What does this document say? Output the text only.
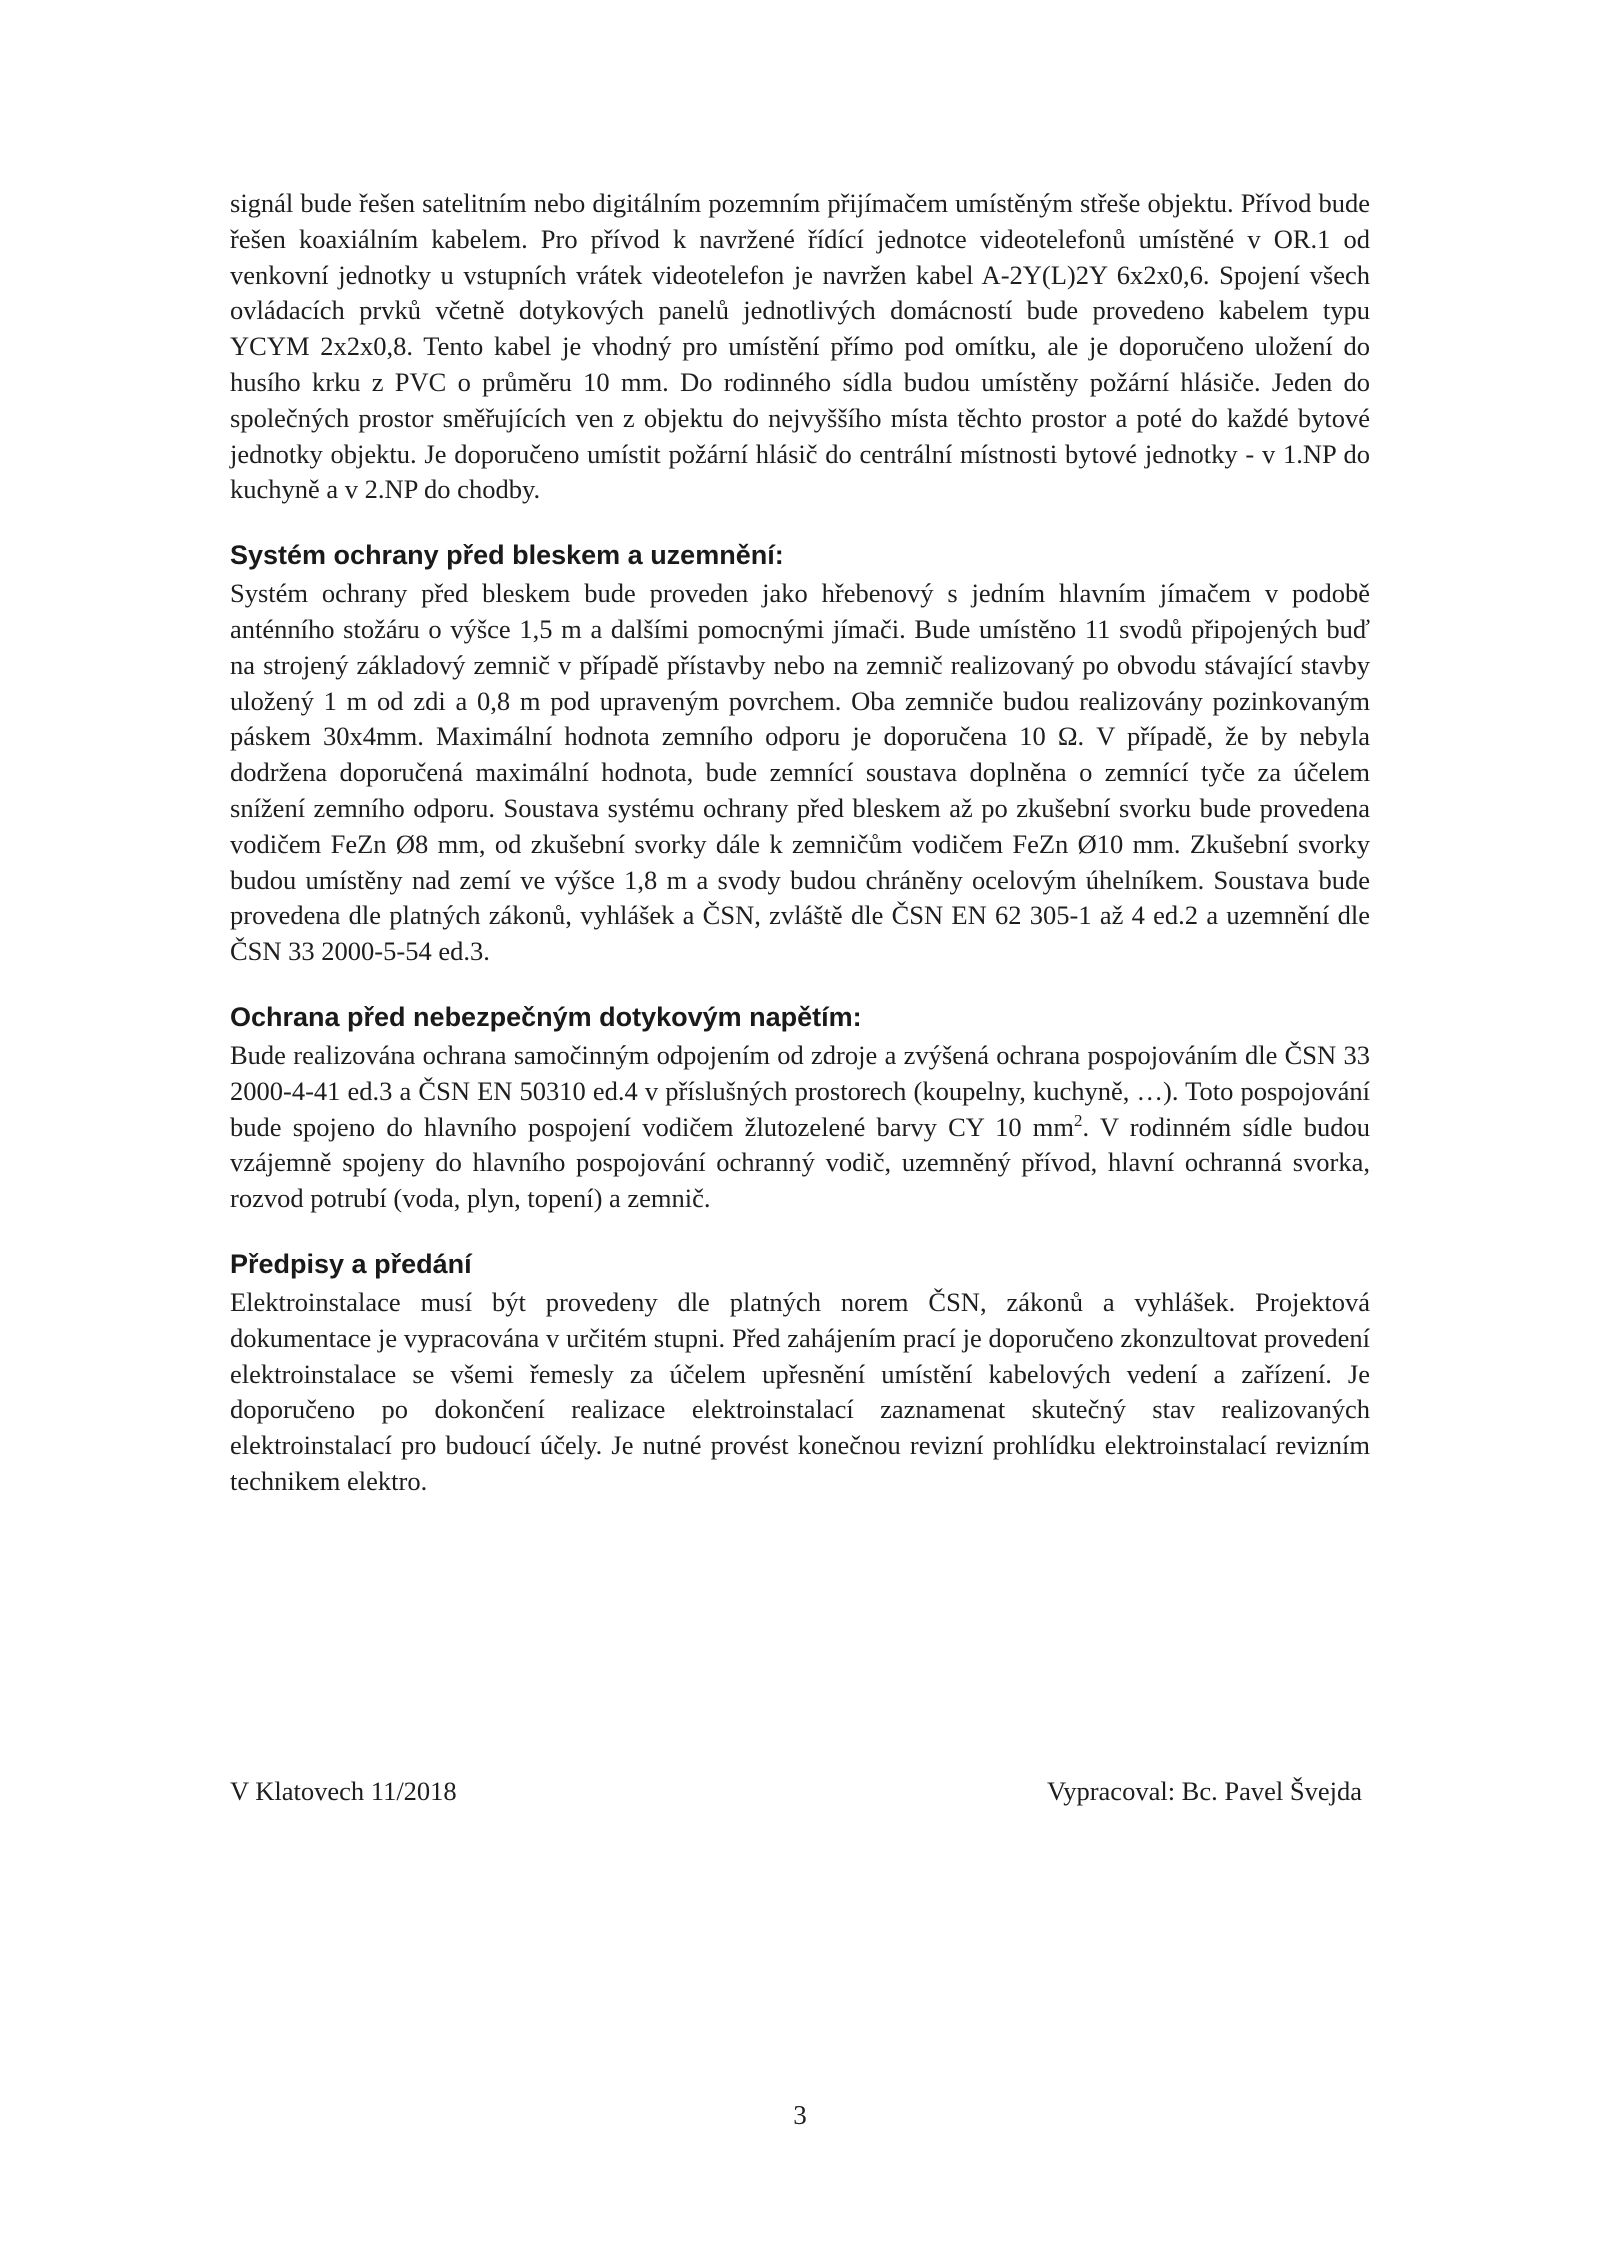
signál bude řešen satelitním nebo digitálním pozemním přijímačem umístěným střeše objektu. Přívod bude řešen koaxiálním kabelem. Pro přívod k navržené řídící jednotce videotelefonů umístěné v OR.1 od venkovní jednotky u vstupních vrátek videotelefon je navržen kabel A-2Y(L)2Y 6x2x0,6. Spojení všech ovládacích prvků včetně dotykových panelů jednotlivých domácností bude provedeno kabelem typu YCYM 2x2x0,8. Tento kabel je vhodný pro umístění přímo pod omítku, ale je doporučeno uložení do husího krku z PVC o průměru 10 mm. Do rodinného sídla budou umístěny požární hlásiče. Jeden do společných prostor směřujících ven z objektu do nejvyššího místa těchto prostor a poté do každé bytové jednotky objektu. Je doporučeno umístit požární hlásič do centrální místnosti bytové jednotky - v 1.NP do kuchyně a v 2.NP do chodby.

Systém ochrany před bleskem a uzemnění:

Systém ochrany před bleskem bude proveden jako hřebenový s jedním hlavním jímačem v podobě anténního stožáru o výšce 1,5 m a dalšími pomocnými jímači. Bude umístěno 11 svodů připojených buď na strojený základový zemnič v případě přístavby nebo na zemnič realizovaný po obvodu stávající stavby uložený 1 m od zdi a 0,8 m pod upraveným povrchem. Oba zemniče budou realizovány pozinkovaným páskem 30x4mm. Maximální hodnota zemního odporu je doporučena 10 Ω. V případě, že by nebyla dodržena doporučená maximální hodnota, bude zemnící soustava doplněna o zemnící tyče za účelem snížení zemního odporu. Soustava systému ochrany před bleskem až po zkušební svorku bude provedena vodičem FeZn Ø8 mm, od zkušební svorky dále k zemničům vodičem FeZn Ø10 mm. Zkušební svorky budou umístěny nad zemí ve výšce 1,8 m a svody budou chráněny ocelovým úhelníkem. Soustava bude provedena dle platných zákonů, vyhlášek a ČSN, zvláště dle ČSN EN 62 305-1 až 4 ed.2 a uzemnění dle ČSN 33 2000-5-54 ed.3.

Ochrana před nebezpečným dotykovým napětím:

Bude realizována ochrana samočinným odpojením od zdroje a zvýšená ochrana pospojováním dle ČSN 33 2000-4-41 ed.3 a ČSN EN 50310 ed.4 v příslušných prostorech (koupelny, kuchyně, …). Toto pospojování bude spojeno do hlavního pospojení vodičem žlutozelené barvy CY 10 $mm^2$. V rodinném sídle budou vzájemně spojeny do hlavního pospojování ochranný vodič, uzemněný přívod, hlavní ochranná svorka, rozvod potrubí (voda, plyn, topení) a zemnič.

Předpisy a předání

Elektroinstalace musí být provedeny dle platných norem ČSN, zákonů a vyhlášek. Projektová dokumentace je vypracována v určitém stupni. Před zahájením prací je doporučeno zkonzultovat provedení elektroinstalace se všemi řemesly za účelem upřesnění umístění kabelových vedení a zařízení. Je doporučeno po dokončení realizace elektroinstalací zaznamenat skutečný stav realizovaných elektroinstalací pro budoucí účely. Je nutné provést konečnou revizní prohlídku elektroinstalací revizním technikem elektro.

V Klatovech 11/2018	Vypracoval: Bc. Pavel Švejda
3
